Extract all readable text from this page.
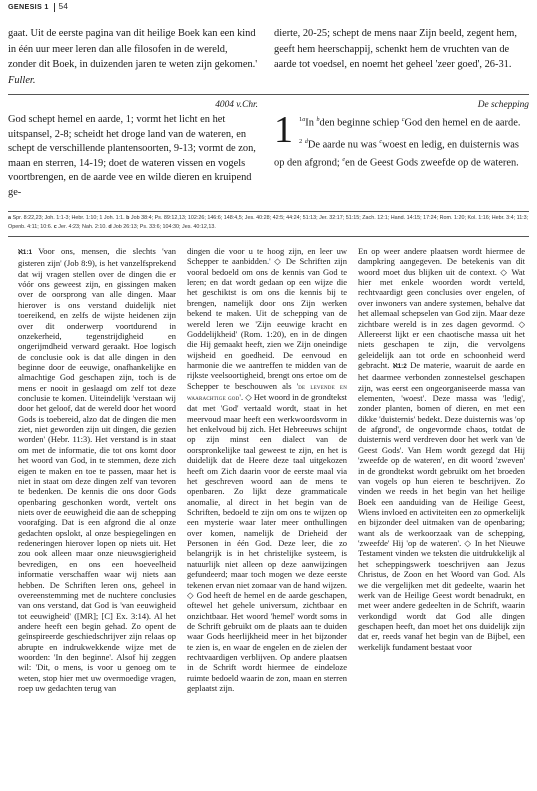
GENESIS 1 54
gaat. Uit de eerste pagina van dit heilige Boek kan een kind in één uur meer leren dan alle filosofen in de wereld, zonder dit Boek, in duizenden jaren te weten zijn gekomen.' Fuller.
dierte, 20-25; schept de mens naar Zijn beeld, zegent hem, geeft hem heerschappij, schenkt hem de vruchten van de aarde tot voedsel, en noemt het geheel 'zeer goed', 26-31.
4004 v.Chr.	De schepping
God schept hemel en aarde, 1; vormt het licht en het uitspansel, 2-8; scheidt het droge land van de wateren, en schept de verschillende plantensoorten, 9-13; vormt de zon, maan en sterren, 14-19; doet de wateren vissen en vogels voortbrengen, en de aarde vee en wilde dieren en kruipend ge-
1 $^{1a}$In $^b$den beginne schiep $^c$God den hemel en de aarde.

$^2$ $^d$De aarde nu was $^c$woest en ledig, en duisternis was op den afgrond; $^e$en de Geest Gods zweefde op de wateren.

a Spr. 8:22,23; Joh. 1:1-3; Hebr. 1:10; 1 Joh. 1:1. b Job 38:4; Ps. 89:12,13; 102:26; 146:6; 148:4,5; Jes. 40:28; 42:5; 44:24; 51:13; Jer. 32:17; 51:15; Zach. 12:1; Hand. 14:15; 17:24; Rom. 1:20; Kol. 1:16; Hebr. 3:4; 11:3; Openb. 4:11; 10:6. c Jer. 4:23; Nah. 2:10. d Job 26:13; Ps. 33:6; 104:30; Jes. 40:12,13.
ℵ1:1 Voor ons, mensen, die slechts 'van gisteren zijn' (Job 8:9), is het vanzelfsprekend dat wij vragen stellen over de dingen die er vóór ons geweest zijn, en gissingen maken over de oorsprong van alle dingen. Maar hierover is ons verstand duidelijk niet toereikend, en zelfs de wijste heidenen zijn over dit onderwerp voortdurend in onzekerheid, tegenstrijdigheid en ongerijmdheid verward geraakt. Hoe logisch de conclusie ook is dat alle dingen in den beginne door de eeuwige, onafhankelijke en almachtige God geschapen zijn, toch is de mens er nooit in geslaagd om zelf tot deze conclusie te komen. Uiteindelijk 'verstaan wij door het geloof, dat de wereld door het woord Gods is toebereid, alzo dat de dingen die men ziet, niet geworden zijn uit dingen, die gezien worden' (Hebr. 11:3). Het verstand is in staat om met de informatie, die tot ons komt door het woord van God, in te stemmen, deze zich eigen te maken en toe te passen, maar het is niet in staat om deze dingen zelf van tevoren te bedenken. De kennis die ons door Gods openbaring geschonken wordt, vertelt ons niets over de eeuwigheid die aan de schepping voorafging. Dat is een afgrond die al onze gedachten opslokt, al onze bespiegelingen en redeneringen hierover lopen op niets uit. Het zou ook alleen maar onze nieuwsgierigheid bevredigen, en ons een hoeveelheid informatie verschaffen waar wij niets aan hebben. De Schriften leren ons, geheel in overeenstemming met de nuchtere conclusies van ons verstand, dat God is 'van eeuwigheid tot eeuwigheid' ([MR]; [C] Ex. 3:14). Al het andere heeft een begin gehad. Zo opent de geïnspireerde geschiedschrijver zijn relaas op abrupte en indrukwekkende wijze met de woorden: 'In den beginne'. Alsof hij zeggen wil: 'Dit, o mens, is voor u genoeg om te weten, stop hier met uw overmoedige vragen, roep uw gedachten terug van
dingen die voor u te hoog zijn, en leer uw Schepper te aanbidden.' ◇ De Schriften zijn vooral bedoeld om ons de kennis van God te leren; en dat wordt gedaan op een wijze die het geschiktst is om ons die kennis bij te brengen, namelijk door ons Zijn werken bekend te maken. Uit de schepping van de wereld leren we 'Zijn eeuwige kracht en Goddelijkheid' (Rom. 1:20), en in de dingen die Hij gemaakt heeft, zien we Zijn oneindige wijsheid en goedheid. De eenvoud en harmonie die we aantreffen te midden van de rijkste veelsoortigheid, brengt ons ertoe om de Schepper te beschouwen als 'de levende en waarachtige god'. ◇ Het woord in de grondtekst dat met 'God' vertaald wordt, staat in het meervoud maar heeft een werkwoordsvorm in het enkelvoud bij zich. Het Hebreeuws schijnt op zijn minst een dialect van de oorspronkelijke taal geweest te zijn, en het is duidelijk dat de Heere deze taal uitgekozen heeft om Zich daarin voor de eerste maal via het geschreven woord aan de mens te openbaren. Zo lijkt deze grammaticale anomalie, al direct in het begin van de Schriften, bedoeld te zijn om ons te wijzen op een mysterie waar later meer onthullingen over komen, namelijk de Drieheid der Personen in één God. Deze leer, die zo belangrijk is in het christelijke systeem, is natuurlijk niet alleen op deze aanwijzingen gefundeerd; maar toch mogen we deze eerste tekenen ervan niet zomaar van de hand wijzen. ◇ God heeft de hemel en de aarde geschapen, oftewel het gehele universum, zichtbaar en onzichtbaar. Het woord 'hemel' wordt soms in de Schrift gebruikt om de plaats aan te duiden waar Gods heerlijkheid meer in het bijzonder te zien is, en waar de engelen en de zielen der rechtvaardigen verblijven. Op andere plaatsen in de Schrift wordt hiermee de eindeloze ruimte bedoeld waarin de zon, maan en sterren geplaatst zijn.
En op weer andere plaatsen wordt hiermee de dampkring aangegeven. De betekenis van dit woord moet dus blijken uit de context. ◇ Wat hier met enkele woorden wordt verteld, rechtvaardigt geen conclusies over engelen, of over inwoners van andere systemen, behalve dat het allemaal schepselen van God zijn. Maar deze zichtbare wereld is in zes dagen gevormd. ◇ Allereerst lijkt er een chaotische massa uit het niets geschapen te zijn, die vervolgens geleidelijk aan tot orde en schoonheid werd gebracht. ℵ1:2 De materie, waaruit de aarde en het daarmee verbonden zonnestelsel geschapen zijn, was eerst een ongeorganiseerde massa van elementen, 'woest'. Deze massa was 'ledig', zonder planten, bomen of dieren, en met een dikke 'duisternis' bedekt. Deze duisternis was 'op de afgrond', de ongevormde chaos, totdat de duisternis werd verdreven door het werk van 'de Geest Gods'. Van Hem wordt gezegd dat Hij 'zweefde op de wateren', en dit woord 'zweven' in de grondtekst wordt gebruikt om het broeden van vogels op hun eieren te beschrijven. Zo vinden we reeds in het begin van het heilige Boek een aanduiding van de Heilige Geest, Wiens invloed en activiteiten een zo opmerkelijk en bijzonder deel uitmaken van de openbaring; want als de werkoorzaak van de schepping, 'zweefde' Hij 'op de wateren'. ◇ In het Nieuwe Testament vinden we teksten die uitdrukkelijk al het scheppingswerk toeschrijven aan Jezus Christus, de Zoon en het Woord van God. Als we die vergelijken met dit gedeelte, waarin het werk van de Heilige Geest wordt benadrukt, en met weer andere gedeelten in de Schrift, waarin verkondigd wordt dat God alle dingen geschapen heeft, dan moet het ons duidelijk zijn dat er, reeds vanaf het begin van de Bijbel, een werkelijk fundament bestaat voor
